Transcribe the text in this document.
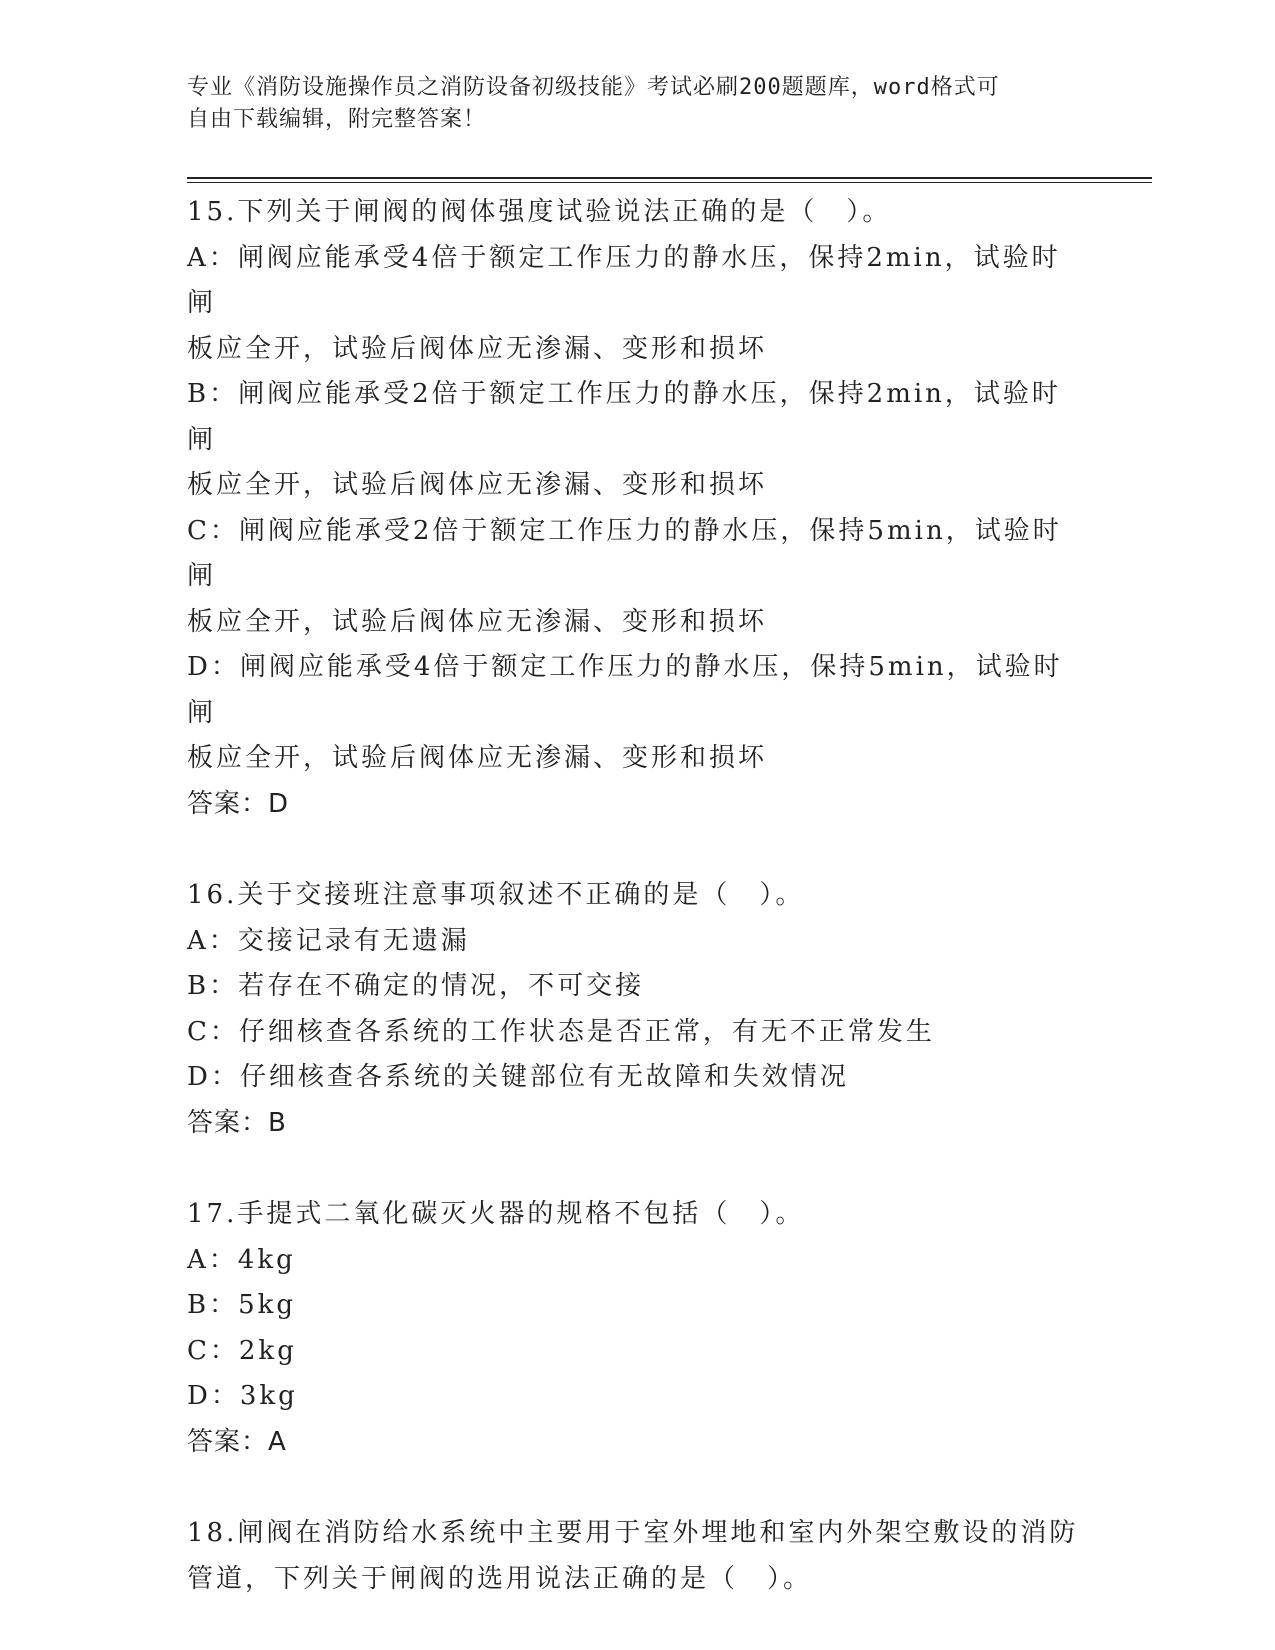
专业《消防设施操作员之消防设备初级技能》考试必刷200题题库，word格式可
自由下载编辑，附完整答案！
15.下列关于闸阀的阀体强度试验说法正确的是（　）。
A：闸阀应能承受4倍于额定工作压力的静水压，保持2min，试验时闸
板应全开，试验后阀体应无渗漏、变形和损坏
B：闸阀应能承受2倍于额定工作压力的静水压，保持2min，试验时闸
板应全开，试验后阀体应无渗漏、变形和损坏
C：闸阀应能承受2倍于额定工作压力的静水压，保持5min，试验时闸
板应全开，试验后阀体应无渗漏、变形和损坏
D：闸阀应能承受4倍于额定工作压力的静水压，保持5min，试验时闸
板应全开，试验后阀体应无渗漏、变形和损坏
答案：D
16.关于交接班注意事项叙述不正确的是（　）。
A：交接记录有无遗漏
B：若存在不确定的情况，不可交接
C：仔细核查各系统的工作状态是否正常，有无不正常发生
D：仔细核查各系统的关键部位有无故障和失效情况
答案：B
17.手提式二氧化碳灭火器的规格不包括（　）。
A：4kg
B：5kg
C：2kg
D：3kg
答案：A
18.闸阀在消防给水系统中主要用于室外埋地和室内外架空敷设的消防
管道，下列关于闸阀的选用说法正确的是（　）。
